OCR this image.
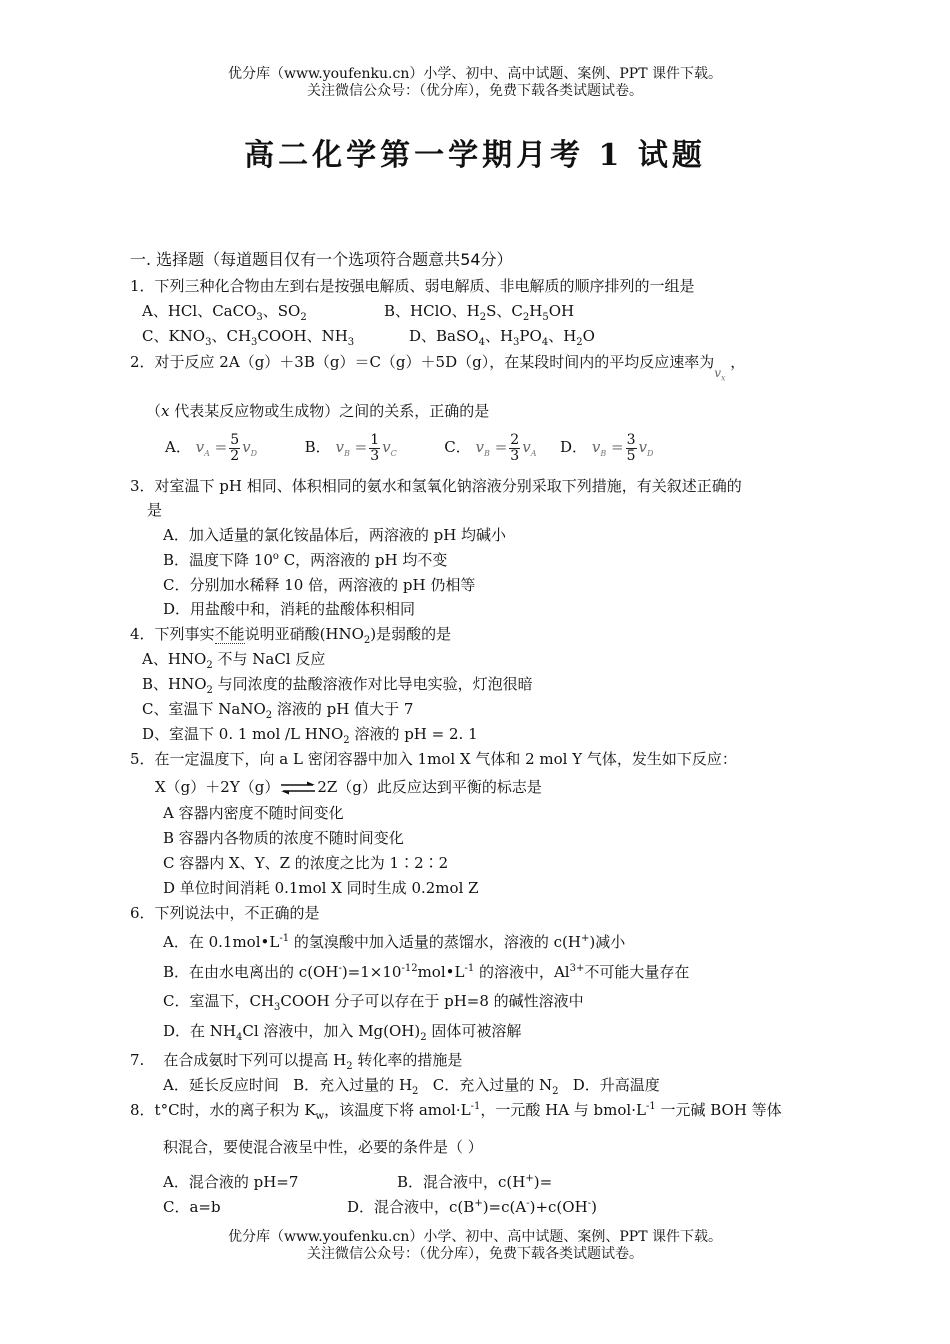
优分库（www.youfenku.cn）小学、初中、高中试题、案例、PPT 课件下载。
关注微信公众号：（优分库），免费下载各类试题试卷。
高二化学第一学期月考 1 试题
一. 选择题（每道题目仅有一个选项符合题意共54分）
1．下列三种化合物由左到右是按强电解质、弱电解质、非电解质的顺序排列的一组是
A、HCl、CaCO$_3$、$SO_2$	B、HClO、$H_2S$、$C_2H_5OH$
C、$KNO_3$、$CH_3COOH$、$NH_3$	D、BaSO$_4$、$H_3PO_4$、$H_2O$
2．对于反应 2A（g）＋3B（g）＝C（g）＋5D（g），在某段时间内的平均反应速率为$_{v_x}$ ，
（x 代表某反应物或生成物）之间的关系，正确的是
A． $v_A = \frac{5}{2} v_D$	B． $v_B = \frac{1}{3} v_C$	C． $v_B = \frac{2}{3} v_A$ D． $v_B = \frac{3}{5} v_D$
3．对室温下 pH 相同、体积相同的氨水和氢氧化钠溶液分别采取下列措施，有关叙述正确的
是
A．加入适量的氯化铵晶体后，两溶液的 pH 均碱小
B．温度下降 10$^o$ C，两溶液的 pH 均不变
C．分别加水稀释 10 倍，两溶液的 pH 仍相等
D．用盐酸中和，消耗的盐酸体积相同
4．下列事实不能说明亚硝酸$(HNO_2)$是弱酸的是
A、$HNO_2$ 不与 NaCl 反应
B、$HNO_2$ 与同浓度的盐酸溶液作对比导电实验，灯泡很暗
C、室温下 NaNO$_2$ 溶液的 pH 值大于 7
D、室温下 0. 1 mol /L $HNO_2$ 溶液的 pH = 2. 1
5．在一定温度下，向 a L 密闭容器中加入 1mol X 气体和 2 mol Y 气体，发生如下反应：
X（g）＋2Y（g）⇌2Z（g）此反应达到平衡的标志是
A 容器内密度不随时间变化
B 容器内各物质的浓度不随时间变化
C 容器内 X、Y、Z 的浓度之比为 1∶2∶2
D 单位时间消耗 0.1mol X 同时生成 0.2mol Z
6．下列说法中，不正确的是
A．在 $0.1mol•L^{-1}$ 的氢溴酸中加入适量的蒸馏水，溶液的 c(H+)减小
B．在由水电离出的 $c(OH^-)=1\times 10^{-12}mol•L^{-1}$ 的溶液中，$Al^{3+}$不可能大量存在
C．室温下，$CH_3COOH$ 分子可以存在于 pH=8 的碱性溶液中
D．在 $NH_4Cl$ 溶液中，加入 $Mg(OH)_2$ 固体可被溶解
7.    在合成氨时下列可以提高 $H_2$ 转化率的措施是
A．延长反应时间 B．充入过量的 $H_2$ C．充入过量的 $N_2$ D．升高温度
8．t°C时，水的离子积为 $K_w$，该温度下将 $amol\cdot L^{-1}$，一元酸 HA 与 $bmol\cdot L^{-1}$ 一元碱 BOH 等体
积混合，要使混合液呈中性，必要的条件是（ ）
A．混合液的 pH=7	B．混合液中，c(H+)=
C．a=b	D．混合液中，c(B+)=c(A-)+c(OH-)
优分库（www.youfenku.cn）小学、初中、高中试题、案例、PPT 课件下载。
关注微信公众号：（优分库），免费下载各类试题试卷。
